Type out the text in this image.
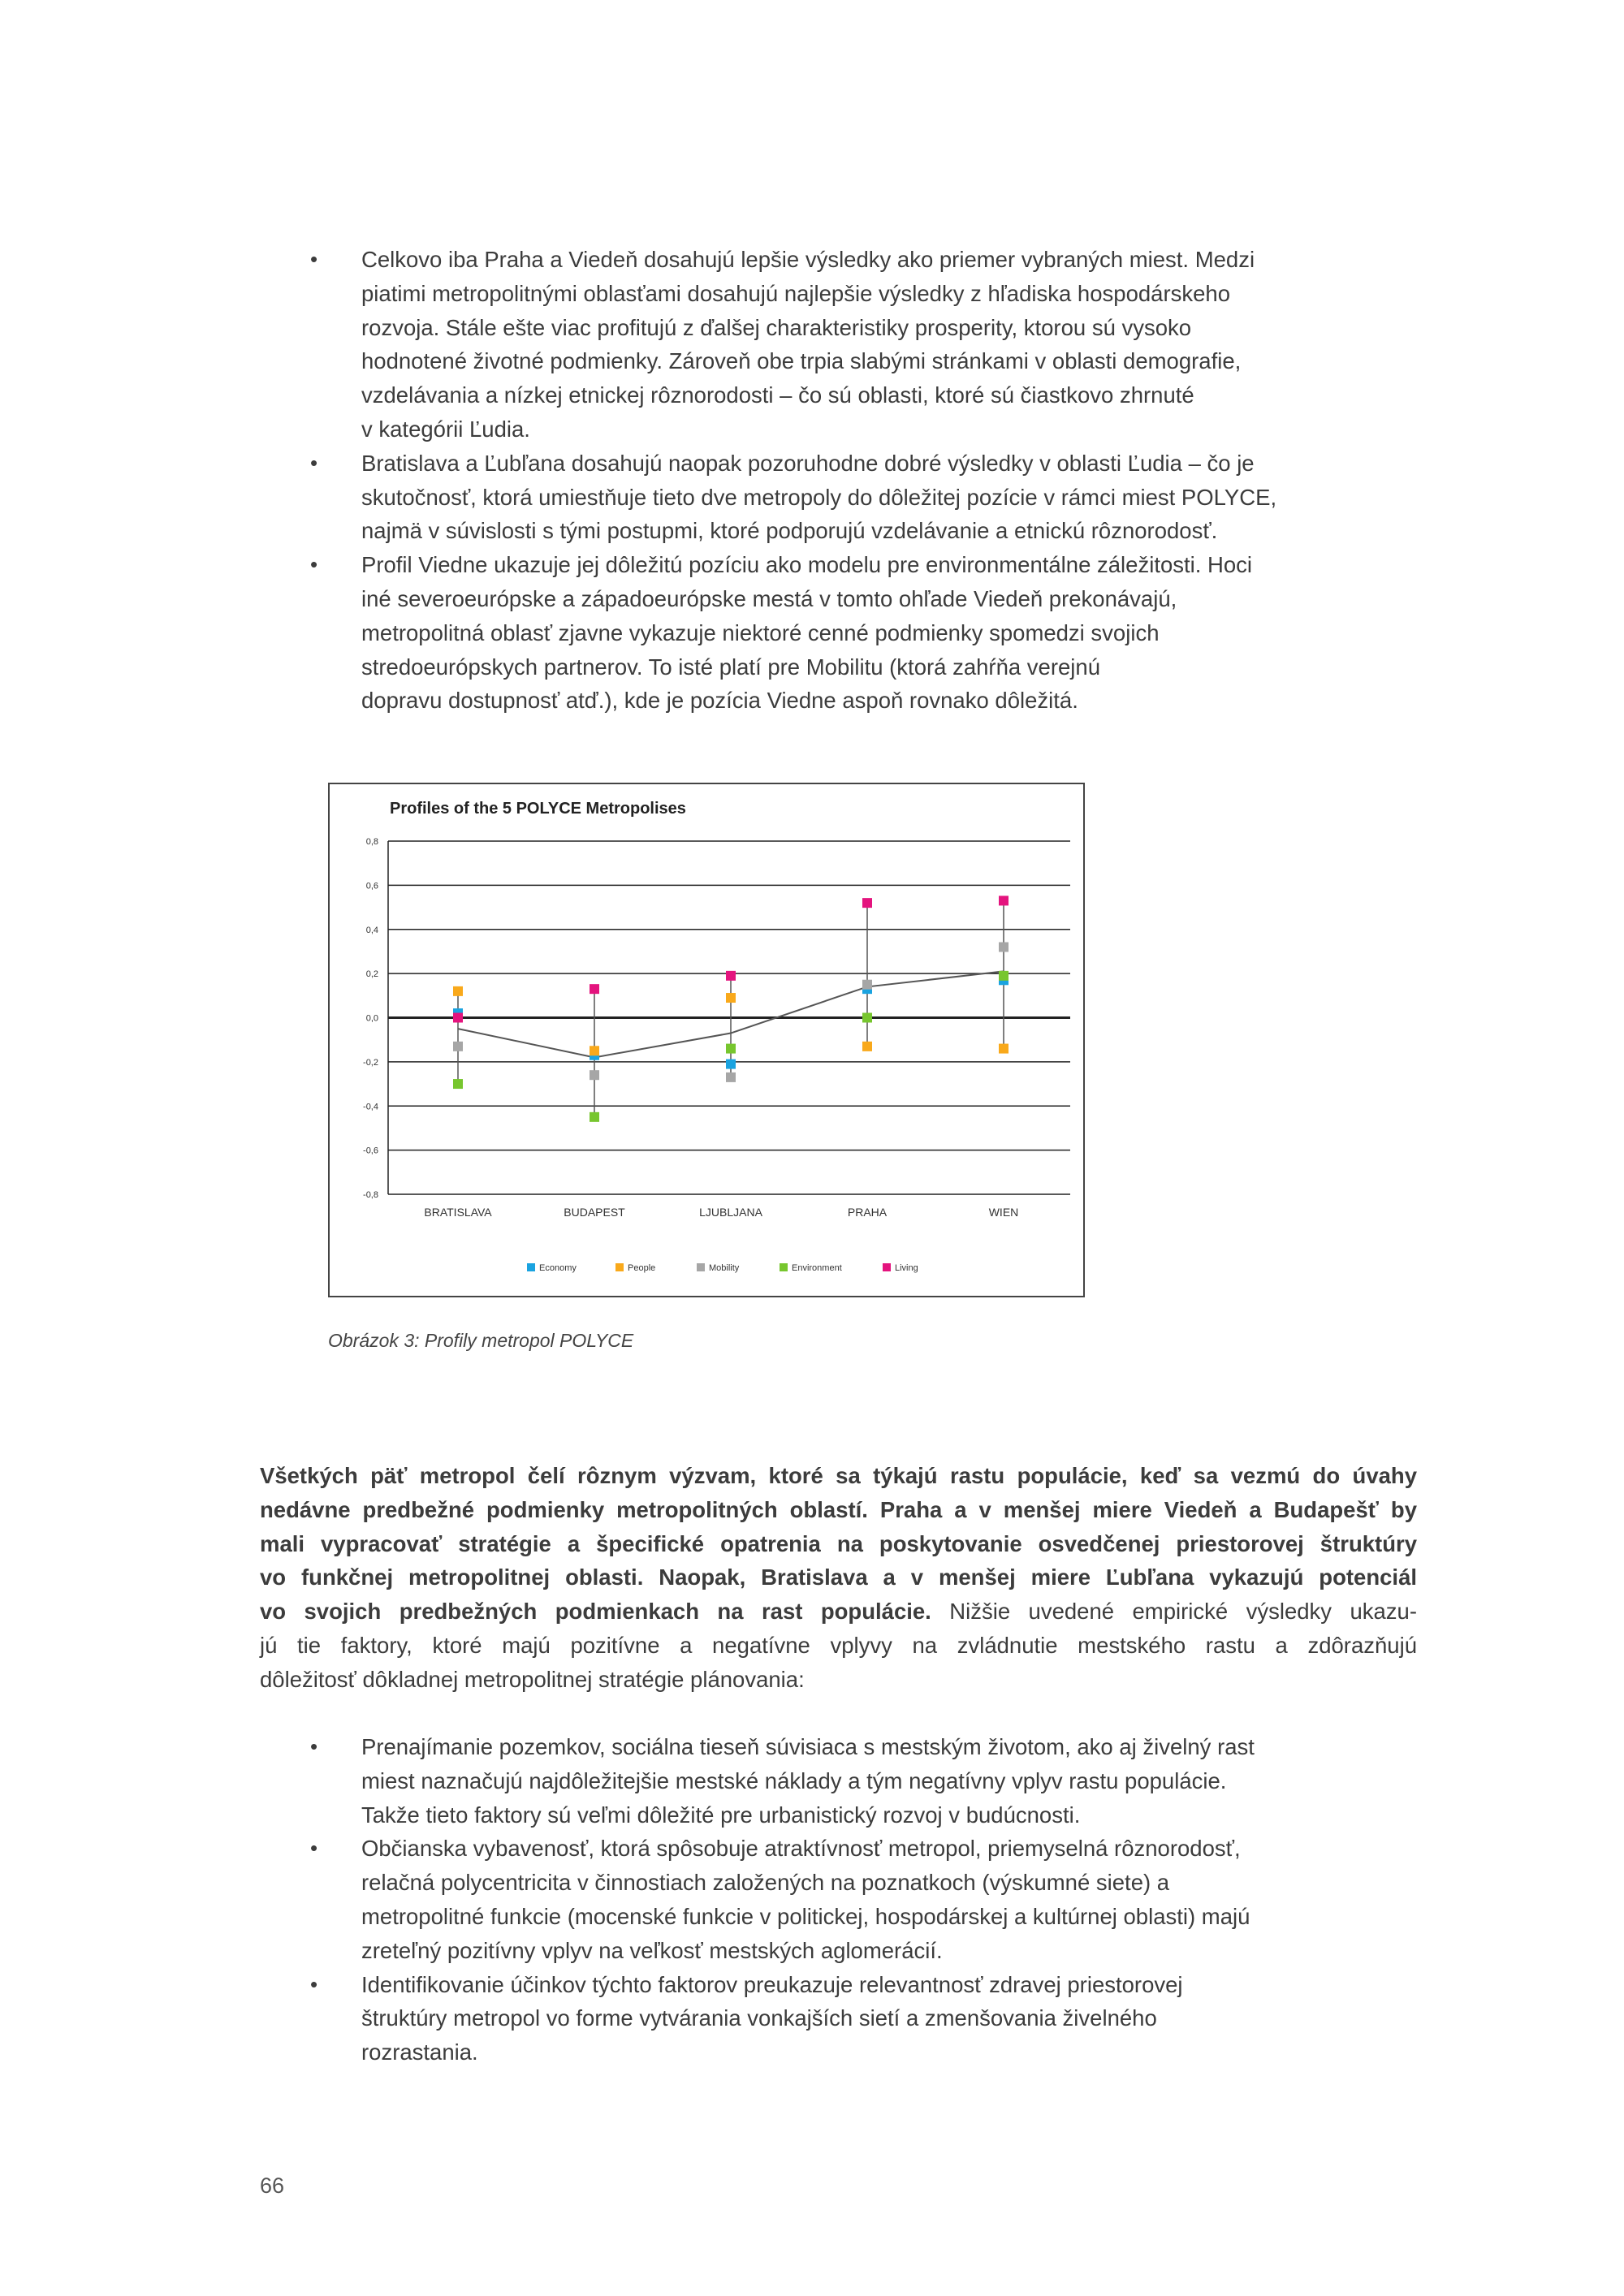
•	Celkovo iba Praha a Viedeň dosahujú lepšie výsledky ako priemer vybraných miest. Medzi
piatimi metropolitnými oblasťami dosahujú najlepšie výsledky z hľadiska hospodárskeho
rozvoja. Stále ešte viac profitujú z ďalšej charakteristiky prosperity, ktorou sú vysoko
hodnotené životné podmienky. Zároveň obe trpia slabými stránkami v oblasti demografie,
vzdelávania a nízkej etnickej rôznorodosti – čo sú oblasti, ktoré sú čiastkovo zhrnuté
v kategórii Ľudia.
•	Bratislava a Ľubľana dosahujú naopak pozoruhodne dobré výsledky v oblasti Ľudia – čo je
skutočnosť, ktorá umiestňuje tieto dve metropoly do dôležitej pozície v rámci miest POLYCE,
najmä v súvislosti s tými postupmi, ktoré podporujú vzdelávanie a etnickú rôznorodosť.
•	Profil Viedne ukazuje jej dôležitú pozíciu ako modelu pre environmentálne záležitosti. Hoci
iné severoeurópske a západoeurópske mestá v tomto ohľade Viedeň prekonávajú,
metropolitná oblasť zjavne vykazuje niektoré cenné podmienky spomedzi svojich
stredoeurópskych partnerov. To isté platí pre Mobilitu (ktorá zahŕňa verejnú
dopravu dostupnosť atď.), kde je pozícia Viedne aspoň rovnako dôležitá.
Profiles of the 5 POLYCE Metropolises
0,8
0,6
0,4
0,2
0,0
-0,2
-0,4
-0,6
-0,8
BRATISLAVA	BUDAPEST	LJUBLJANA	PRAHA	WIEN
Economy	People	Mobility	Environment	Living
Obrázok 3: Profily metropol POLYCE
Všetkých päť metropol čelí rôznym výzvam, ktoré sa týkajú rastu populácie, keď sa vezmú do úvahy
nedávne predbežné podmienky metropolitných oblastí. Praha a v menšej miere Viedeň a Budapešť by
mali vypracovať stratégie a špecifické opatrenia na poskytovanie osvedčenej priestorovej štruktúry
vo funkčnej metropolitnej oblasti. Naopak, Bratislava a v menšej miere Ľubľana vykazujú potenciál
vo svojich predbežných podmienkach na rast populácie. Nižšie uvedené empirické výsledky ukazu-
jú tie faktory, ktoré majú pozitívne a negatívne vplyvy na zvládnutie mestského rastu a zdôrazňujú
dôležitosť dôkladnej metropolitnej stratégie plánovania:
•	Prenajímanie pozemkov, sociálna tieseň súvisiaca s mestským životom, ako aj živelný rast
miest naznačujú najdôležitejšie mestské náklady a tým negatívny vplyv rastu populácie.
Takže tieto faktory sú veľmi dôležité pre urbanistický rozvoj v budúcnosti.
•	Občianska vybavenosť, ktorá spôsobuje atraktívnosť metropol, priemyselná rôznorodosť,
relačná polycentricita v činnostiach založených na poznatkoch (výskumné siete) a
metropolitné funkcie (mocenské funkcie v politickej, hospodárskej a kultúrnej oblasti) majú
zreteľný pozitívny vplyv na veľkosť mestských aglomerácií.
•	Identifikovanie účinkov týchto faktorov preukazuje relevantnosť zdravej priestorovej
štruktúry metropol vo forme vytvárania vonkajších sietí a zmenšovania živelného
rozrastania.
66
